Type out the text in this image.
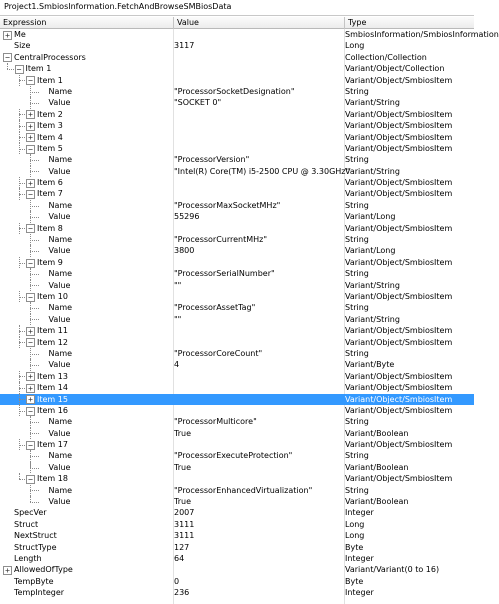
Project1.SmbiosInformation.FetchAndBrowseSMBiosData
Expression	Value	Type
+ Me	SmbiosInformation/SmbiosInformation
Size	3117	Long
− CentralProcessors	Collection/Collection
− Item 1	Variant/Object/Collection
− Item 1	Variant/Object/SmbiosItem
Name	"ProcessorSocketDesignation"	String
Value	"SOCKET 0"	Variant/String
+ Item 2	Variant/Object/SmbiosItem
+ Item 3	Variant/Object/SmbiosItem
+ Item 4	Variant/Object/SmbiosItem
− Item 5	Variant/Object/SmbiosItem
Name	"ProcessorVersion"	String
Value	"Intel(R) Core(TM) i5-2500 CPU @ 3.30GHz"
Variant/String
+ Item 6	Variant/Object/SmbiosItem
− Item 7	Variant/Object/SmbiosItem
Name	"ProcessorMaxSocketMHz"	String
Value	55296	Variant/Long
− Item 8	Variant/Object/SmbiosItem
Name	"ProcessorCurrentMHz"	String
Value	3800	Variant/Long
− Item 9	Variant/Object/SmbiosItem
Name	"ProcessorSerialNumber"	String
Value	""	Variant/String
− Item 10	Variant/Object/SmbiosItem
Name	"ProcessorAssetTag"	String
Value	""	Variant/String
+ Item 11	Variant/Object/SmbiosItem
− Item 12	Variant/Object/SmbiosItem
Name	"ProcessorCoreCount"	String
Value	4	Variant/Byte
+ Item 13	Variant/Object/SmbiosItem
+ Item 14	Variant/Object/SmbiosItem
+ Item 15	Variant/Object/SmbiosItem
− Item 16	Variant/Object/SmbiosItem
Name	"ProcessorMulticore"	String
Value	True	Variant/Boolean
− Item 17	Variant/Object/SmbiosItem
Name	"ProcessorExecuteProtection"	String
Value	True	Variant/Boolean
− Item 18	Variant/Object/SmbiosItem
Name	"ProcessorEnhancedVirtualization"	String
Value	True	Variant/Boolean
SpecVer	2007	Integer
Struct	3111	Long
NextStruct	3111	Long
StructType	127	Byte
Length	64	Integer
+ AllowedOfType	Variant/Variant(0 to 16)
TempByte	0	Byte
TempInteger	236	Integer
